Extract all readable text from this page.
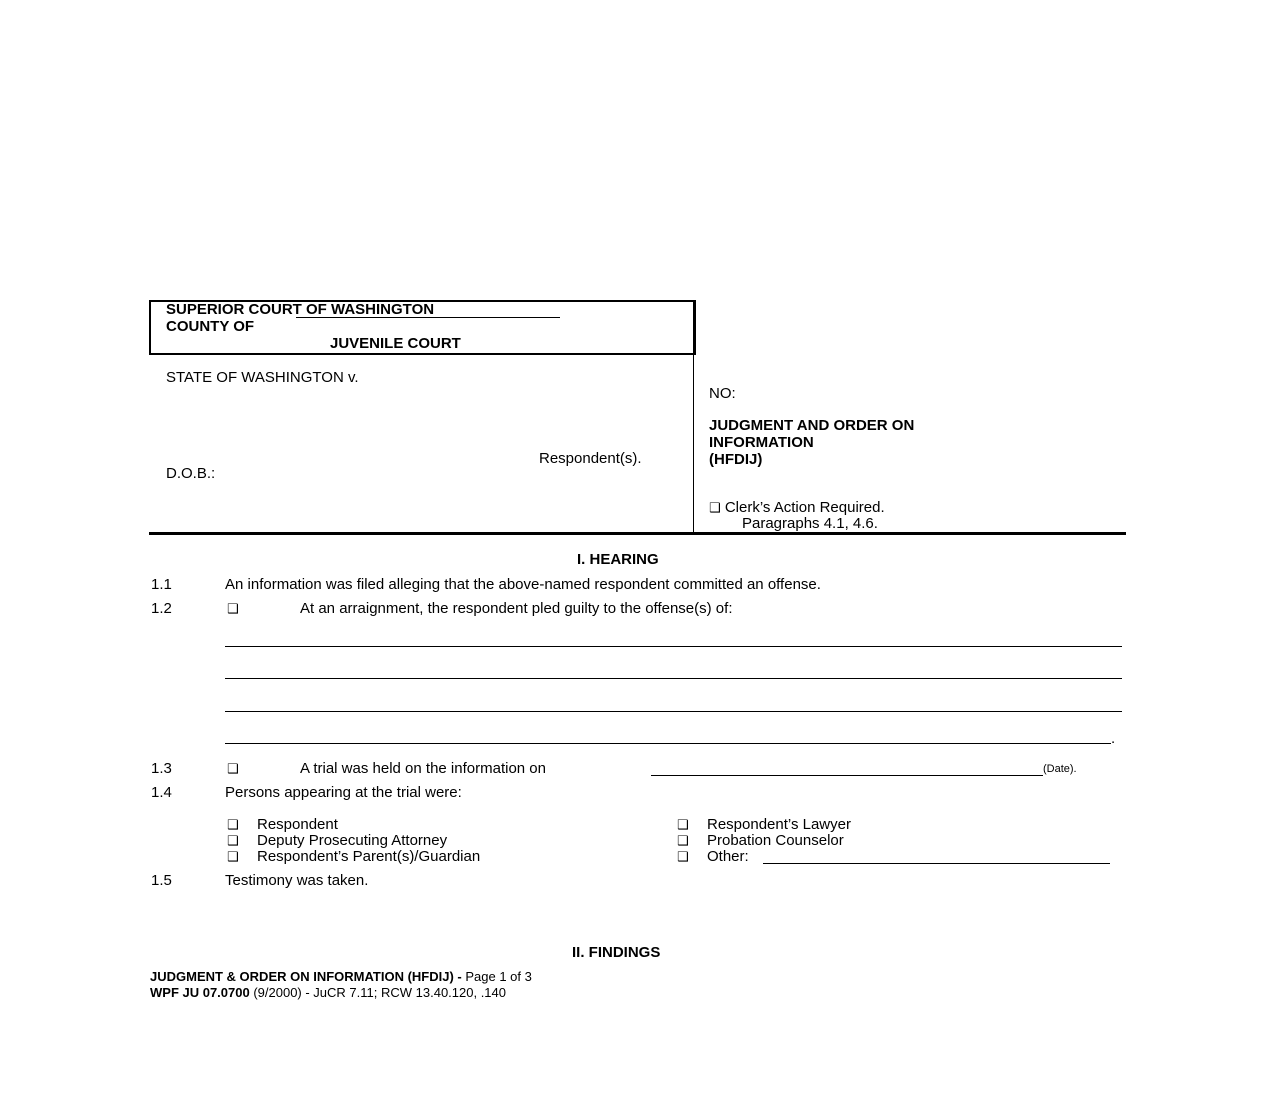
SUPERIOR COURT OF WASHINGTON
COUNTY OF
JUVENILE COURT
STATE OF WASHINGTON v.
Respondent(s).
D.O.B.:
NO:
JUDGMENT AND ORDER ON
INFORMATION
(HFDIJ)
❑ Clerk’s Action Required.
Paragraphs 4.1, 4.6.
I. HEARING
1.1	An information was filed alleging that the above-named respondent committed an offense.
1.2	❑	At an arraignment, the respondent pled guilty to the offense(s) of:
.
1.3	❑	A trial was held on the information on	(Date).
1.4	Persons appearing at the trial were:
❑ Respondent
❑ Deputy Prosecuting Attorney
❑ Respondent’s Parent(s)/Guardian
❑ Respondent’s Lawyer
❑ Probation Counselor
❑ Other:
1.5	Testimony was taken.
II. FINDINGS
JUDGMENT & ORDER ON INFORMATION (HFDIJ) - Page 1 of 3
WPF JU 07.0700 (9/2000) - JuCR 7.11; RCW 13.40.120, .140
